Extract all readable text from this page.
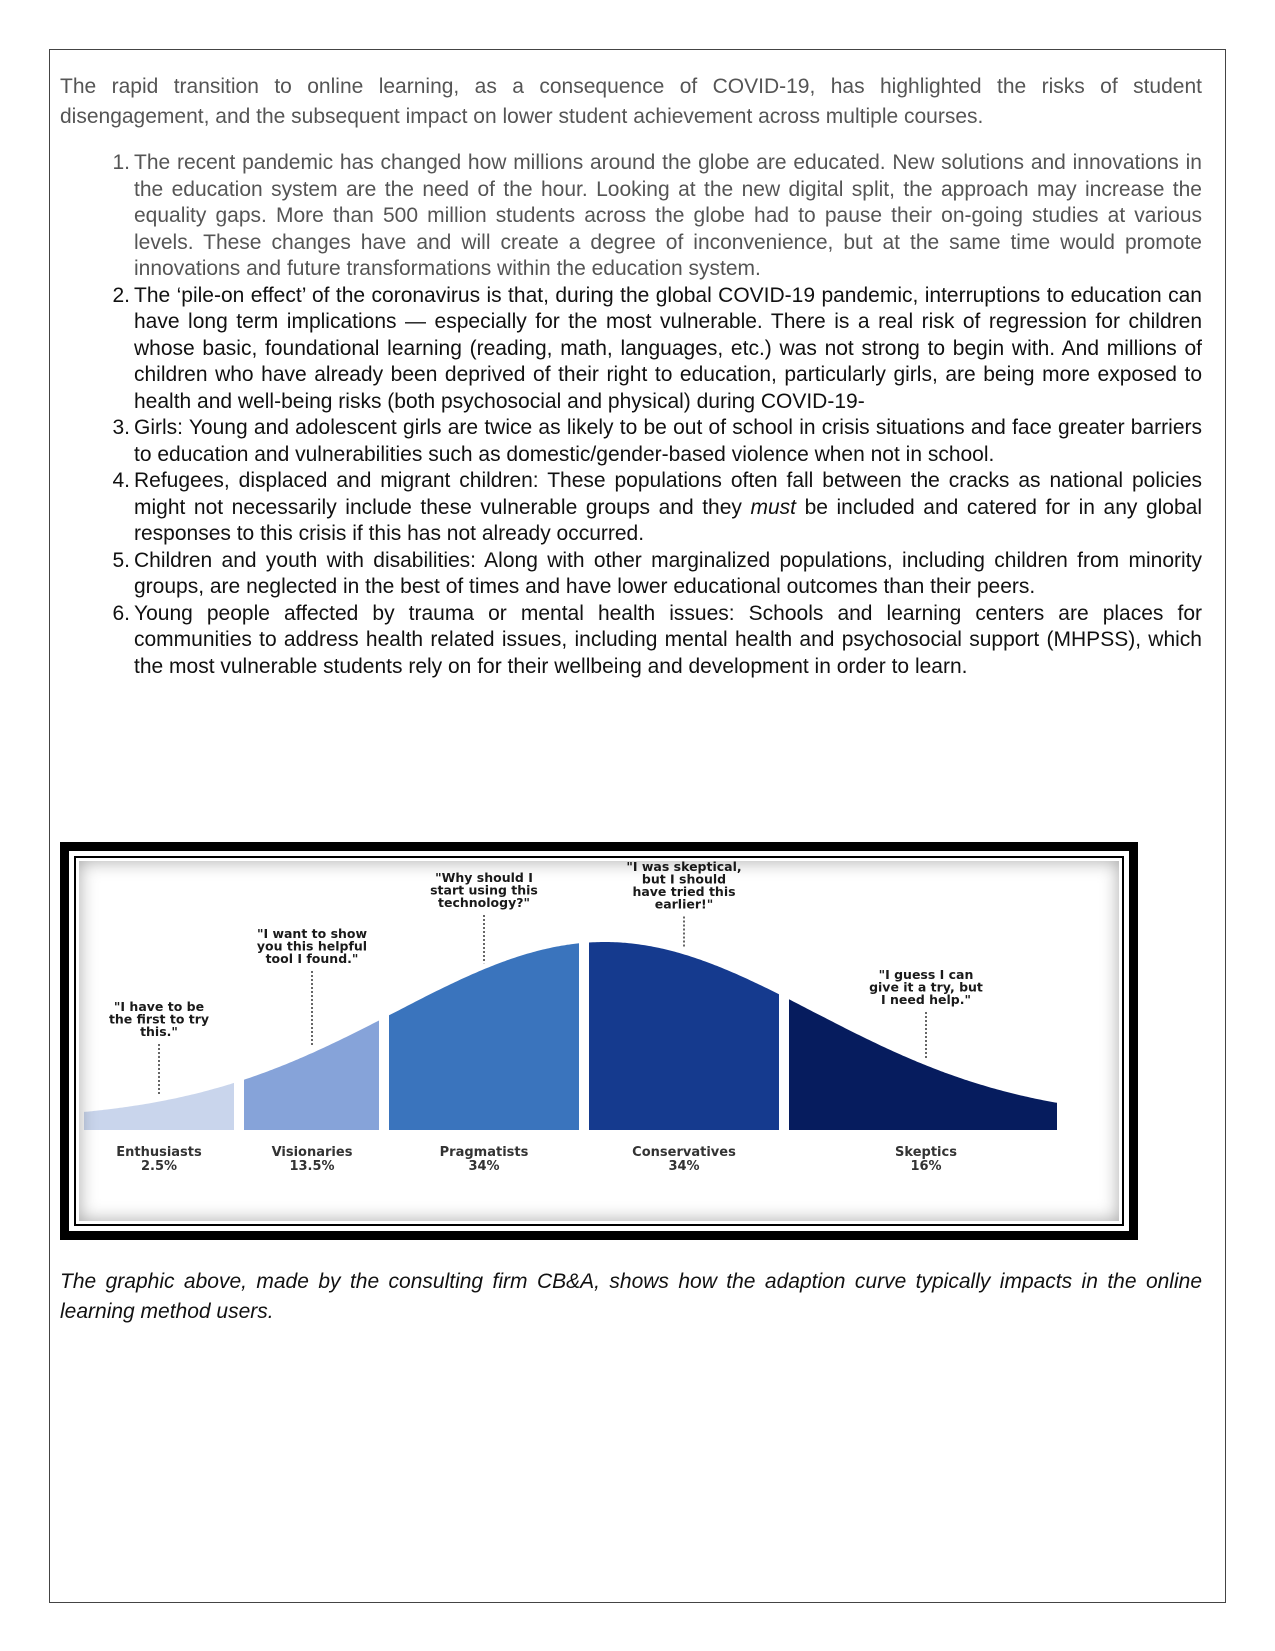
The rapid transition to online learning, as a consequence of COVID-19, has highlighted the risks of student disengagement, and the subsequent impact on lower student achievement across multiple courses.

1 . The recent pandemic has changed how millions around the globe are educated. New solutions and innovations in the education system are the need of the hour. Looking at the new digital split, the approach may increase the equality gaps. More than 500 million students across the globe had to pause their on-going studies at various levels. These changes have and will create a degree of inconvenience, but at the same time would promote innovations and future transformations within the education system.
2 . The ‘pile-on effect’ of the coronavirus is that, during the global COVID-19 pandemic, interruptions to education can have long term implications — especially for the most vulnerable. There is a real risk of regression for children whose basic, foundational learning (reading, math, languages, etc.) was not strong to begin with. And millions of children who have already been deprived of their right to education, particularly girls, are being more exposed to health and well-being risks (both psychosocial and physical) during COVID-19-
3 . Girls: Young and adolescent girls are twice as likely to be out of school in crisis situations and face greater barriers to education and vulnerabilities such as domestic/gender-based violence when not in school.
4 . Refugees, displaced and migrant children: These populations often fall between the cracks as national policies might not necessarily include these vulnerable groups and they must be included and catered for in any global responses to this crisis if this has not already occurred.
5 . Children and youth with disabilities: Along with other marginalized populations, including children from minority groups, are neglected in the best of times and have lower educational outcomes than their peers.
6 . Young people affected by trauma or mental health issues: Schools and learning centers are places for communities to address health related issues, including mental health and psychosocial support (MHPSS), which the most vulnerable students rely on for their wellbeing and development in order to learn.
"I have to be
the first to try
this."
Enthusiasts
2.5%
"I want to show
you this helpful
tool I found."
Visionaries
13.5%
"Why should I
start using this
technology?"
Pragmatists
34%
"I was skeptical,
but I should
have tried this
earlier!"
Conservatives
34%
"I guess I can
give it a try, but
I need help."
Skeptics
16%

The graphic above, made by the consulting firm CB&A, shows how the adaption curve typically impacts in the online learning method users.
